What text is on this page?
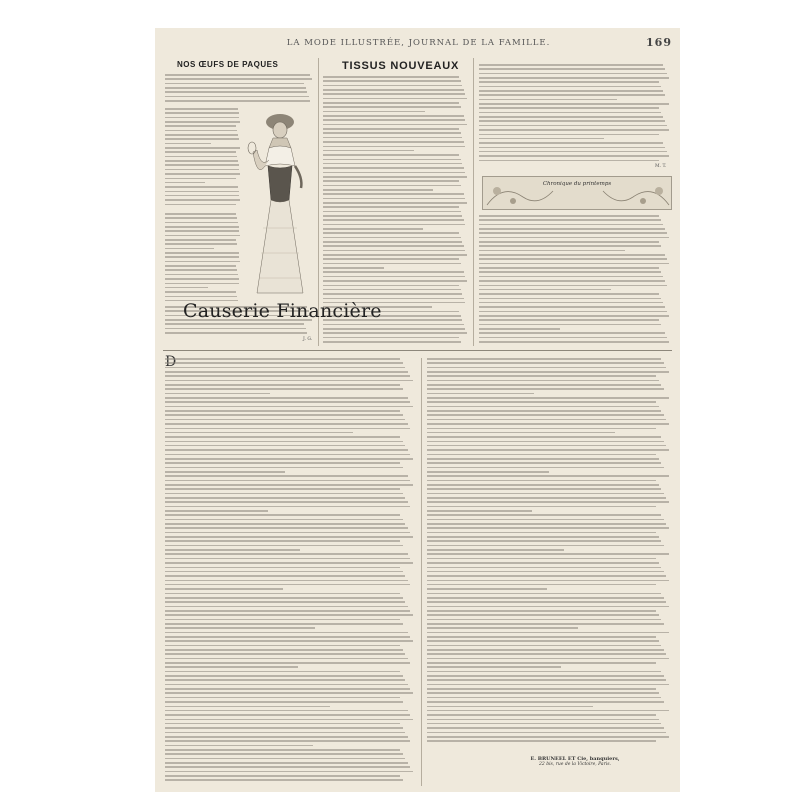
LA MODE ILLUSTRÉE, JOURNAL DE LA FAMILLE.	169
NOS ŒUFS DE PAQUES
J. G.
TISSUS NOUVEAUX
M. T.
Chronique du printemps
Causerie Financière
E. BRUNEEL ET Cie, banquiers,
22 bis, rue de la Victoire, Paris.
